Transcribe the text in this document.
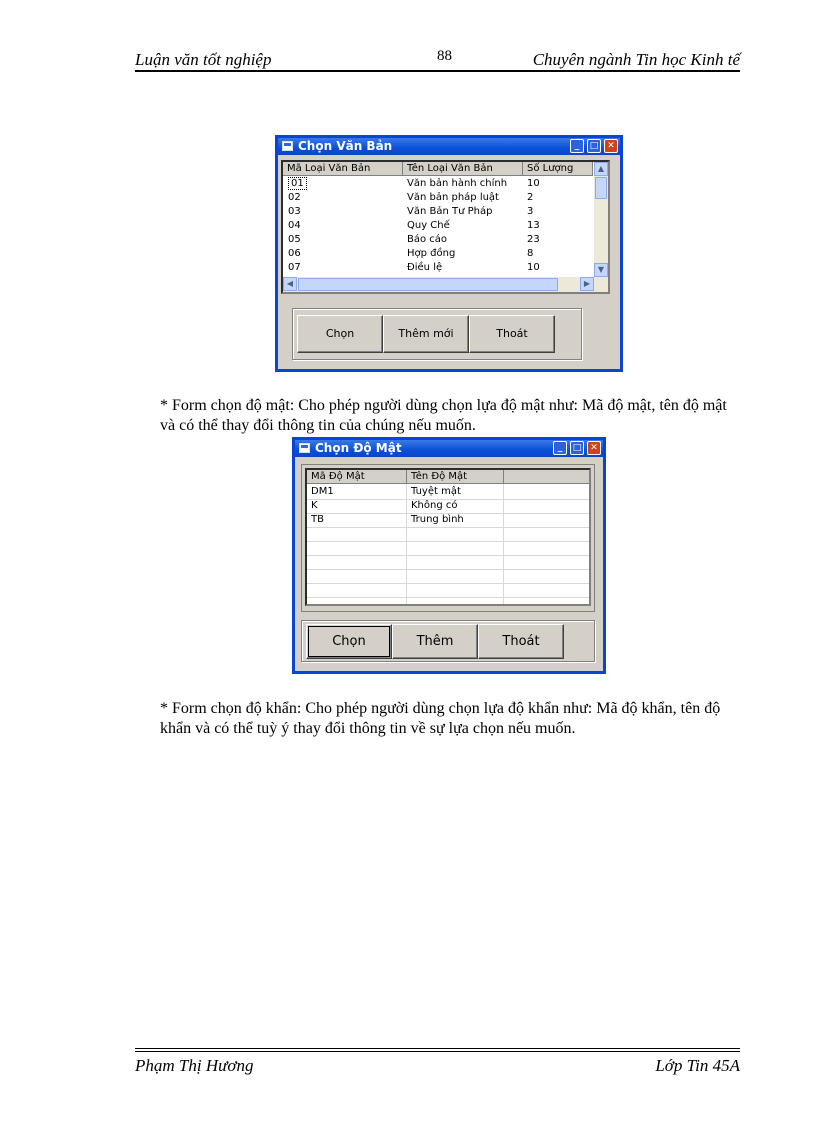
Luận văn tốt nghiệp	88	Chuyên ngành Tin học Kinh tế
Chọn Văn Bản	_	□ ✕
Mã Loại Văn Bản	Tên Loại Văn Bản	Số Lượng
01	Văn bản hành chính 10
02	Văn bản pháp luật	2
03	Văn Bản Tư Pháp	3
04	Quy Chế	13
05	Báo cáo	23
06	Hợp đồng	8
07	Điều lệ	10
▲
▼
◀	▶
Chọn	Thêm mới	Thoát
* Form chọn độ mật: Cho phép người dùng chọn lựa độ mật như: Mã độ mật, tên độ mật và có thể thay đổi thông tin của chúng nếu muốn.
Chọn Độ Mật	_	□ ✕
Mã Độ Mật	Tên Độ Mật
DM1	Tuyệt mật
K	Không có
TB	Trung bình
Chọn	Thêm	Thoát
* Form chọn độ khẩn: Cho phép người dùng chọn lựa độ khẩn như: Mã độ khẩn, tên độ khẩn và có thể tuỳ ý thay đổi thông tin về sự lựa chọn nếu muốn.
Phạm Thị Hương	Lớp Tin 45A
